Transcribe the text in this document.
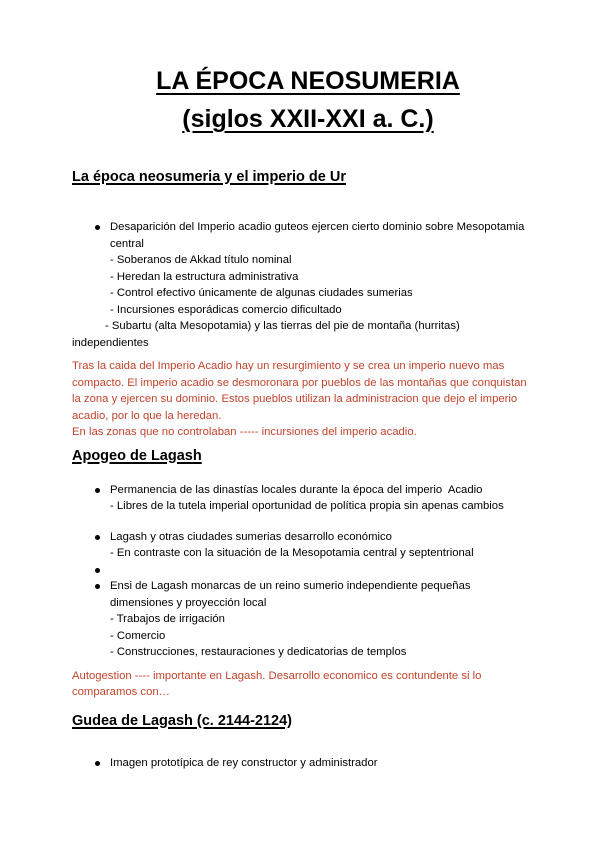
LA ÉPOCA NEOSUMERIA
(siglos XXII-XXI a. C.)
La época neosumeria y el imperio de Ur
Desaparición del Imperio acadio guteos ejercen cierto dominio sobre Mesopotamia
central
- Soberanos de Akkad título nominal
- Heredan la estructura administrativa
- Control efectivo únicamente de algunas ciudades sumerias
- Incursiones esporádicas comercio dificultado
- Subartu (alta Mesopotamia) y las tierras del pie de montaña (hurritas)
independientes
Tras la caida del Imperio Acadio hay un resurgimiento y se crea un imperio nuevo mas
compacto. El imperio acadio se desmoronara por pueblos de las montañas que conquistan
la zona y ejercen su dominio. Estos pueblos utilizan la administracion que dejo el imperio
acadio, por lo que la heredan.
En las zonas que no controlaban ----- incursiones del imperio acadio.
Apogeo de Lagash
Permanencia de las dinastías locales durante la época del imperio  Acadio
- Libres de la tutela imperial oportunidad de política propia sin apenas cambios
Lagash y otras ciudades sumerias desarrollo económico
- En contraste con la situación de la Mesopotamia central y septentrional
Ensi de Lagash monarcas de un reino sumerio independiente pequeñas
dimensiones y proyección local
- Trabajos de irrigación
- Comercio
- Construcciones, restauraciones y dedicatorias de templos
Autogestion ---- importante en Lagash. Desarrollo economico es contundente si lo
comparamos con…
Gudea de Lagash (c. 2144-2124)
Imagen prototípica de rey constructor y administrador
